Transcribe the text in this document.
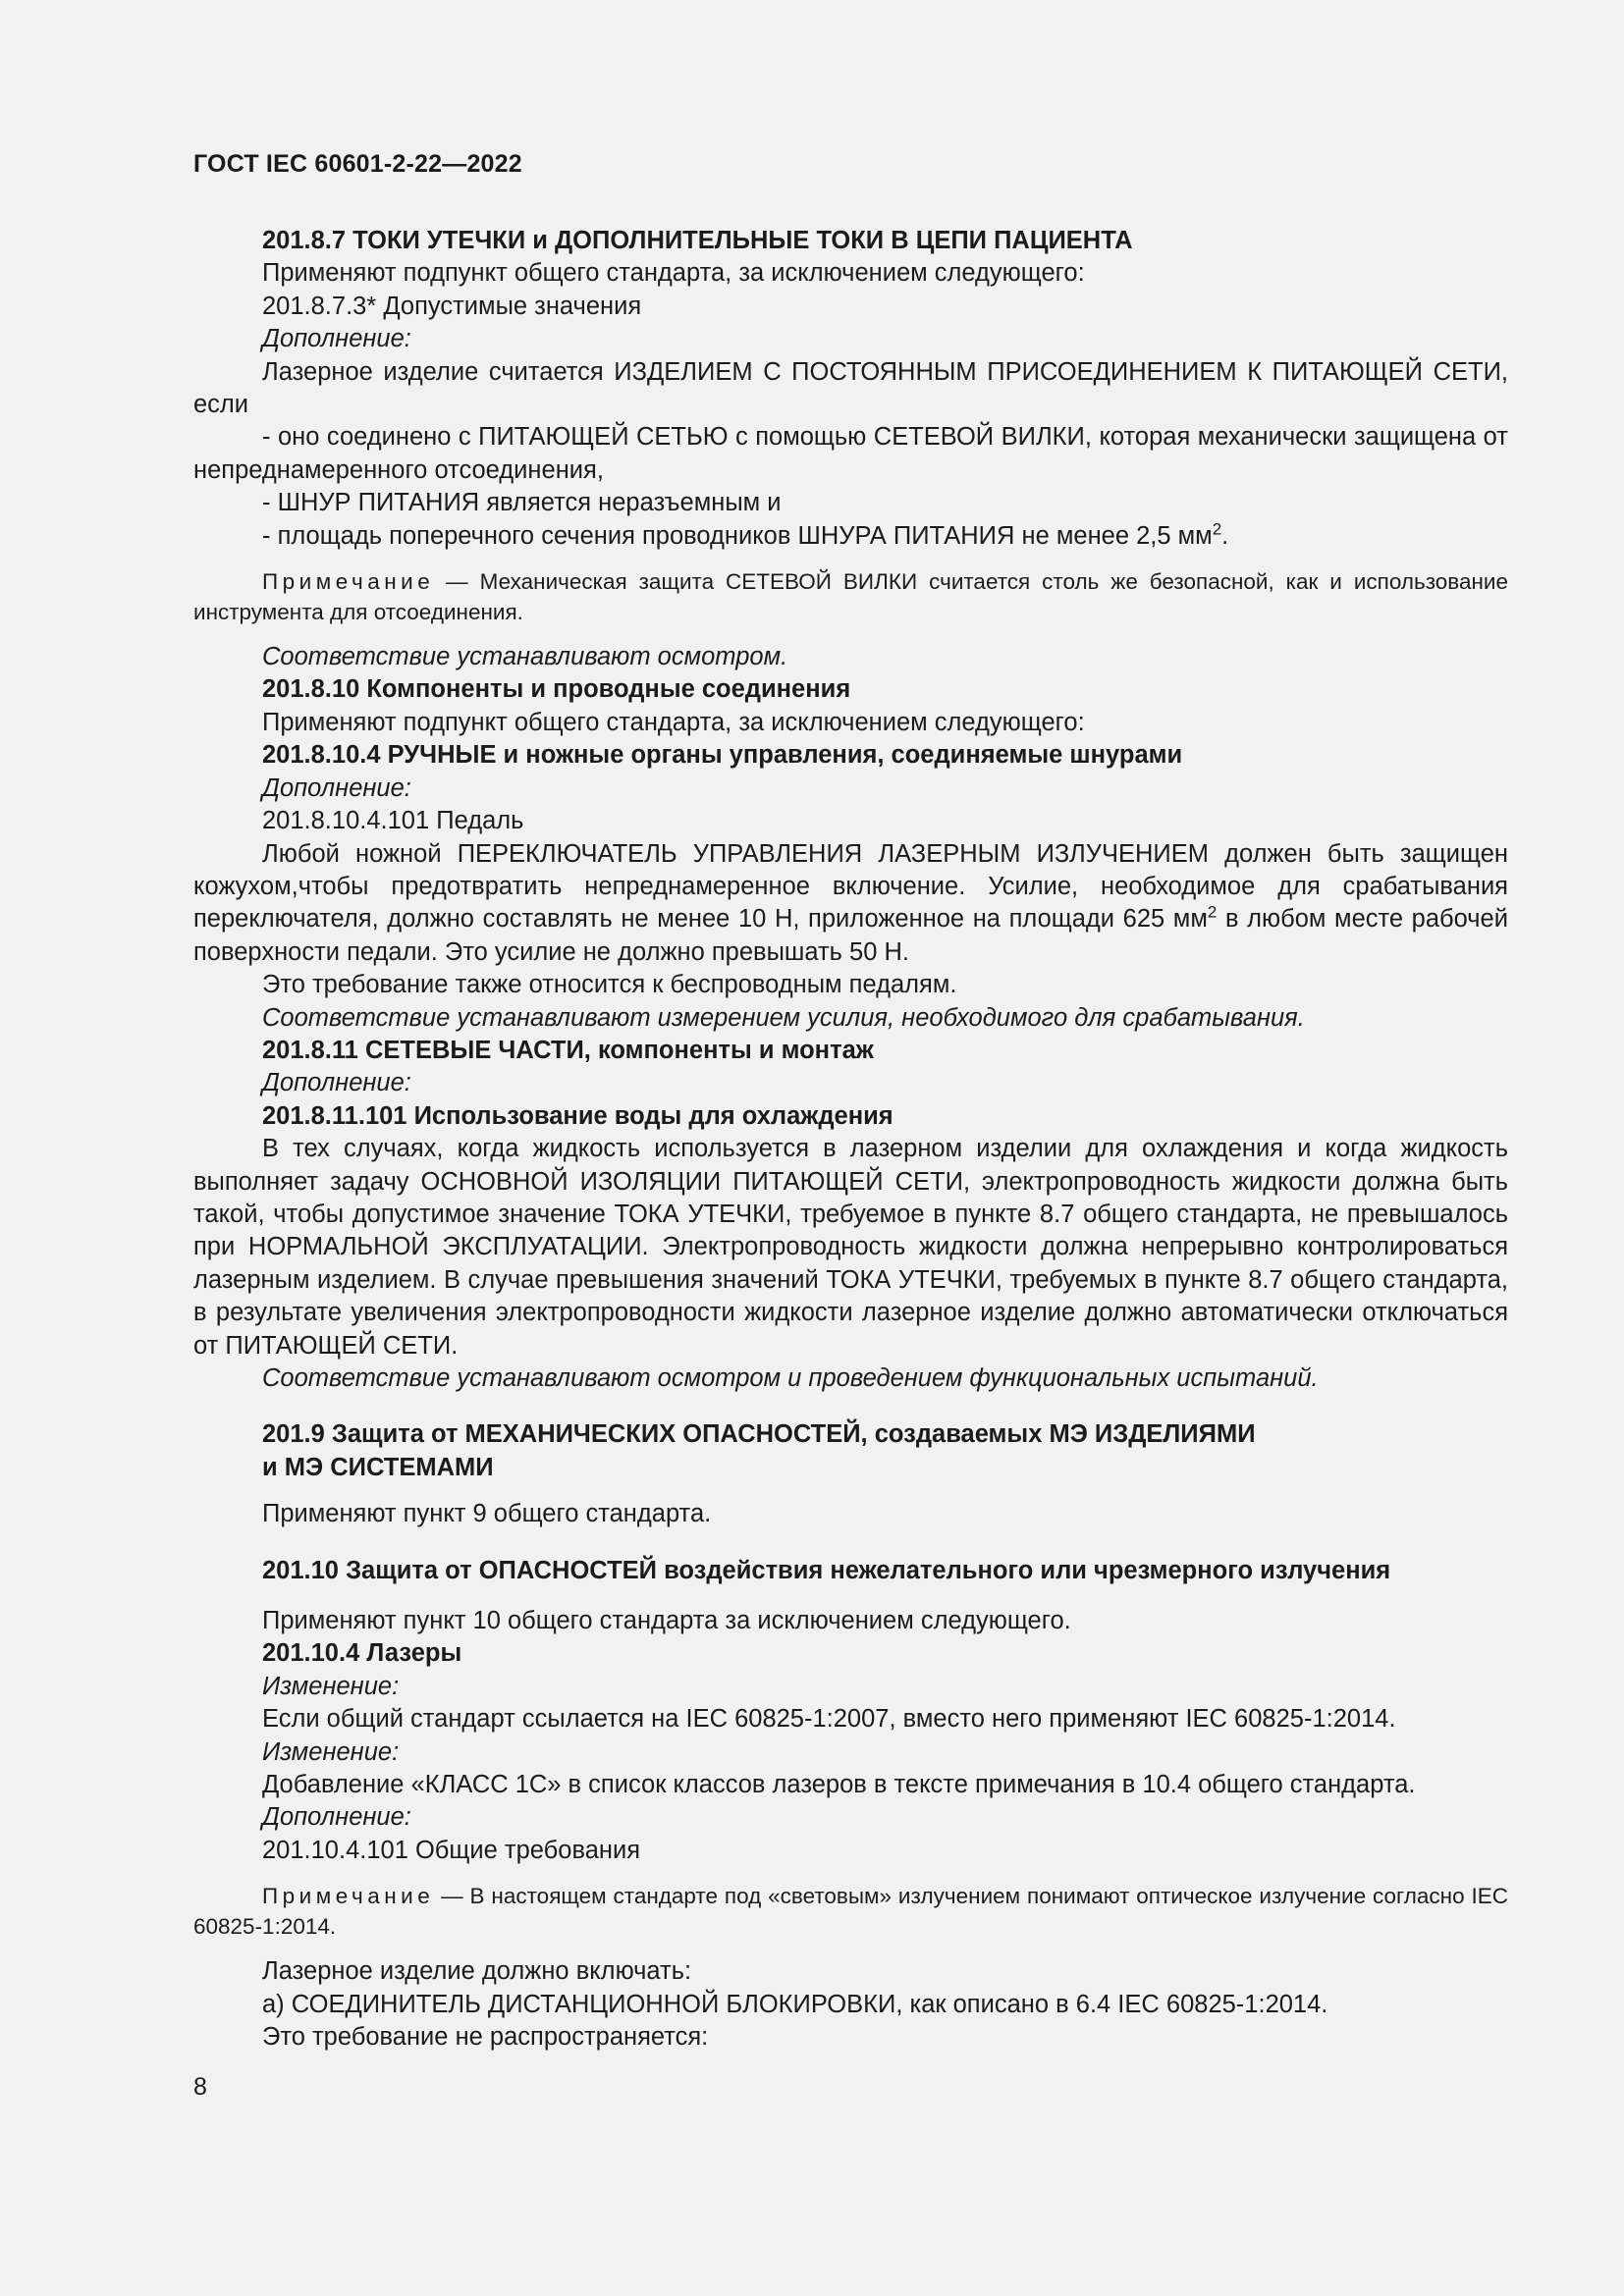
ГОСТ IEC 60601-2-22—2022

201.8.7 ТОКИ УТЕЧКИ и ДОПОЛНИТЕЛЬНЫЕ ТОКИ В ЦЕПИ ПАЦИЕНТА

Применяют подпункт общего стандарта, за исключением следующего:

201.8.7.3* Допустимые значения

Дополнение:

Лазерное изделие считается ИЗДЕЛИЕМ С ПОСТОЯННЫМ ПРИСОЕДИНЕНИЕМ К ПИТАЮЩЕЙ СЕТИ, если

- оно соединено с ПИТАЮЩЕЙ СЕТЬЮ с помощью СЕТЕВОЙ ВИЛКИ, которая механически защищена от непреднамеренного отсоединения,

- ШНУР ПИТАНИЯ является неразъемным и

- площадь поперечного сечения проводников ШНУРА ПИТАНИЯ не менее 2,5 $мм^2$.

Примечание — Механическая защита СЕТЕВОЙ ВИЛКИ считается столь же безопасной, как и использование инструмента для отсоединения.

Соответствие устанавливают осмотром.

201.8.10 Компоненты и проводные соединения

Применяют подпункт общего стандарта, за исключением следующего:

201.8.10.4 РУЧНЫЕ и ножные органы управления, соединяемые шнурами

Дополнение:

201.8.10.4.101 Педаль

Любой ножной ПЕРЕКЛЮЧАТЕЛЬ УПРАВЛЕНИЯ ЛАЗЕРНЫМ ИЗЛУЧЕНИЕМ должен быть защищен кожухом,чтобы предотвратить непреднамеренное включение. Усилие, необходимое для срабатывания переключателя, должно составлять не менее 10 Н, приложенное на площади 625 $мм^2$ в любом месте рабочей поверхности педали. Это усилие не должно превышать 50 Н.

Это требование также относится к беспроводным педалям.

Соответствие устанавливают измерением усилия, необходимого для срабатывания.

201.8.11 СЕТЕВЫЕ ЧАСТИ, компоненты и монтаж

Дополнение:

201.8.11.101 Использование воды для охлаждения

В тех случаях, когда жидкость используется в лазерном изделии для охлаждения и когда жидкость выполняет задачу ОСНОВНОЙ ИЗОЛЯЦИИ ПИТАЮЩЕЙ СЕТИ, электропроводность жидкости должна быть такой, чтобы допустимое значение ТОКА УТЕЧКИ, требуемое в пункте 8.7 общего стандарта, не превышалось при НОРМАЛЬНОЙ ЭКСПЛУАТАЦИИ. Электропроводность жидкости должна непрерывно контролироваться лазерным изделием. В случае превышения значений ТОКА УТЕЧКИ, требуемых в пункте 8.7 общего стандарта, в результате увеличения электропроводности жидкости лазерное изделие должно автоматически отключаться от ПИТАЮЩЕЙ СЕТИ.

Соответствие устанавливают осмотром и проведением функциональных испытаний.

201.9 Защита от МЕХАНИЧЕСКИХ ОПАСНОСТЕЙ, создаваемых МЭ ИЗДЕЛИЯМИ
и МЭ СИСТЕМАМИ

Применяют пункт 9 общего стандарта.

201.10 Защита от ОПАСНОСТЕЙ воздействия нежелательного или чрезмерного излучения

Применяют пункт 10 общего стандарта за исключением следующего.

201.10.4 Лазеры

Изменение:

Если общий стандарт ссылается на IEC 60825-1:2007, вместо него применяют IEC 60825-1:2014.

Изменение:

Добавление «КЛАСС 1С» в список классов лазеров в тексте примечания в 10.4 общего стандарта.

Дополнение:

201.10.4.101 Общие требования

Примечание — В настоящем стандарте под «световым» излучением понимают оптическое излучение согласно IEC 60825-1:2014.

Лазерное изделие должно включать:

а) СОЕДИНИТЕЛЬ ДИСТАНЦИОННОЙ БЛОКИРОВКИ, как описано в 6.4 IEC 60825-1:2014.

Это требование не распространяется:

8
